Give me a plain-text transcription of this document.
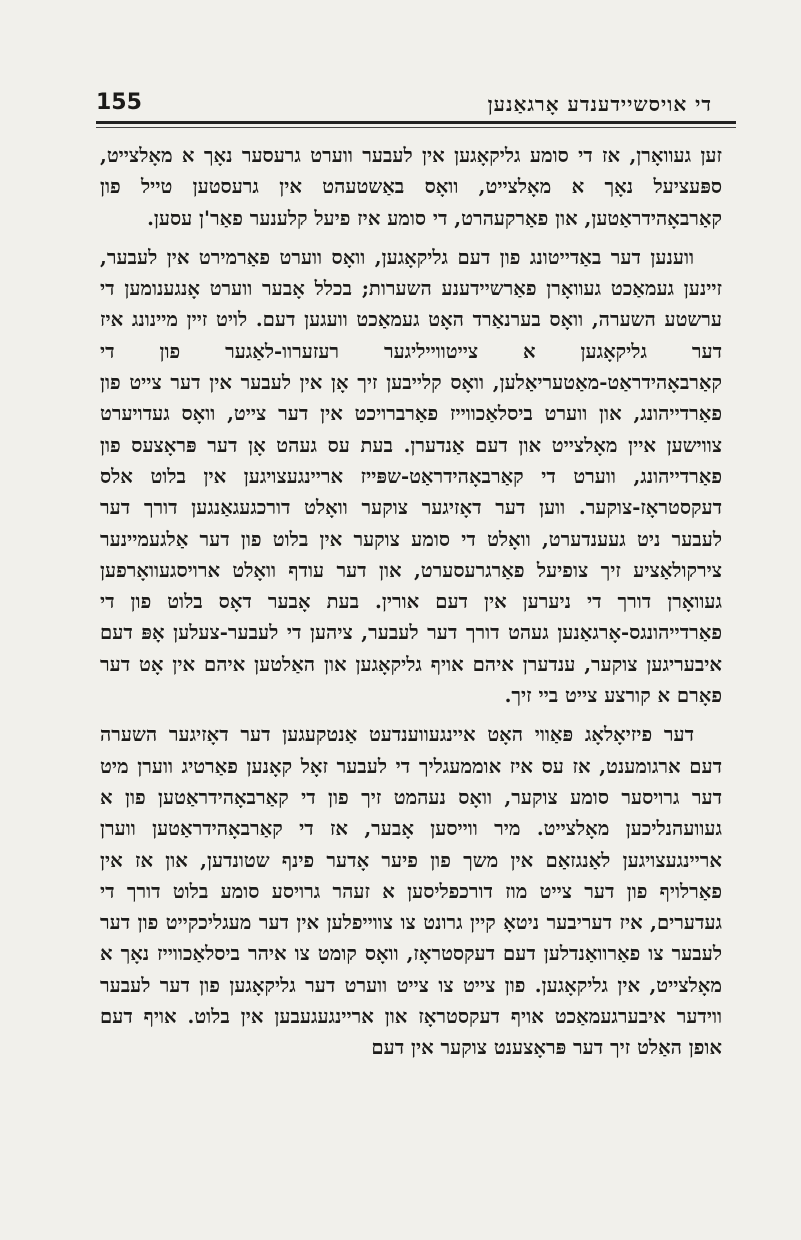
די אויסשיידענדע אָרגאַנען
155

זען געוואָרן, אז די סומע גליקאָגען אין לעבער ווערט גרעסער נאָך א מאָלצייט, ספּעציעל נאָך א מאָלצייט, וואָס באַשטעהט אין גרעסטען טייל פון קאַרבאָהידראַטען, און פאַרקעהרט, די סומע איז פיעל קלענער פאַר'ן עסען.

ווענען דער באַדייטונג פון דעם גליקאָגען, וואָס ווערט פאַרמירט אין לעבער, זיינען געמאַכט געוואָרן פאַרשיידענע השערות; בכלל אָבער ווערט אָנגענומען די ערשטע השערה, וואָס בערנאַרד האָט געמאַכט וועגען דעם. לויט זיין מיינונג איז דער גליקאָגען א צייטווייליגער רעזערוו-לאַגער פון די קאַרבאָהידראַט-מאַטעריאַלען, וואָס קלייבען זיך אָן אין לעבער אין דער צייט פון פאַרדייהונג, און ווערט ביסלאַכווייז פאַרברויכט אין דער צייט, וואָס געדויערט צווישען איין מאָלצייט און דעם אַנדערן. בעת עס געהט אָן דער פּראָצעס פון פאַרדייהונג, ווערט די קאַרבאָהידראַט-שפּייז אריינגעצויגען אין בלוט אלס דעקסטראָז-צוקער. ווען דער דאָזיגער צוקער וואָלט דורכגעגאַנגען דורך דער לעבער ניט געענדערט, וואָלט די סומע צוקער אין בלוט פון דער אַלגעמיינער צירקולאַציע זיך צופיעל פאַרגרעסערט, און דער עודף וואָלט ארויסגעוואָרפען געוואָרן דורך די ניערען אין דעם אורין. בעת אָבער דאָס בלוט פון די פאַרדייהונגס-אָרגאַנען געהט דורך דער לעבער, ציהען די לעבער-צעלען אָפּ דעם איבעריגען צוקער, ענדערן איהם אויף גליקאָגען און האַלטען איהם אין אָט דער פאָרם א קורצע צייט ביי זיך.

דער פיזיאָלאָג פּאַווי האָט איינגעווענדעט אַנטקעגען דער דאָזיגער השערה דעם ארגומענט, אז עס איז אוממעגליך די לעבער זאָל קאָנען פאַרטיג ווערן מיט דער גרויסער סומע צוקער, וואָס נעהמט זיך פון די קאַרבאָהידראַטען פון א געוועהנליכען מאָלצייט. מיר ווייסען אָבער, אז די קאַרבאָהידראַטען ווערן אריינגעצויגען לאַנגזאַם אין משך פון פיער אָדער פינף שטונדען, און אז אין פאַרלויף פון דער צייט מוז דורכפליסען א זעהר גרויסע סומע בלוט דורך די געדערים, איז דעריבער ניטאָ קיין גרונט צו צווייפלען אין דער מעגליכקייט פון דער לעבער צו פאַרוואַנדלען דעם דעקסטראָז, וואָס קומט צו איהר ביסלאַכווייז נאָך א מאָלצייט, אין גליקאָגען. פון צייט צו צייט ווערט דער גליקאָגען פון דער לעבער ווידער איבערגעמאַכט אויף דעקסטראָז און אריינגעגעבען אין בלוט. אויף דעם אופן האַלט זיך דער פּראָצענט צוקער אין דעם
